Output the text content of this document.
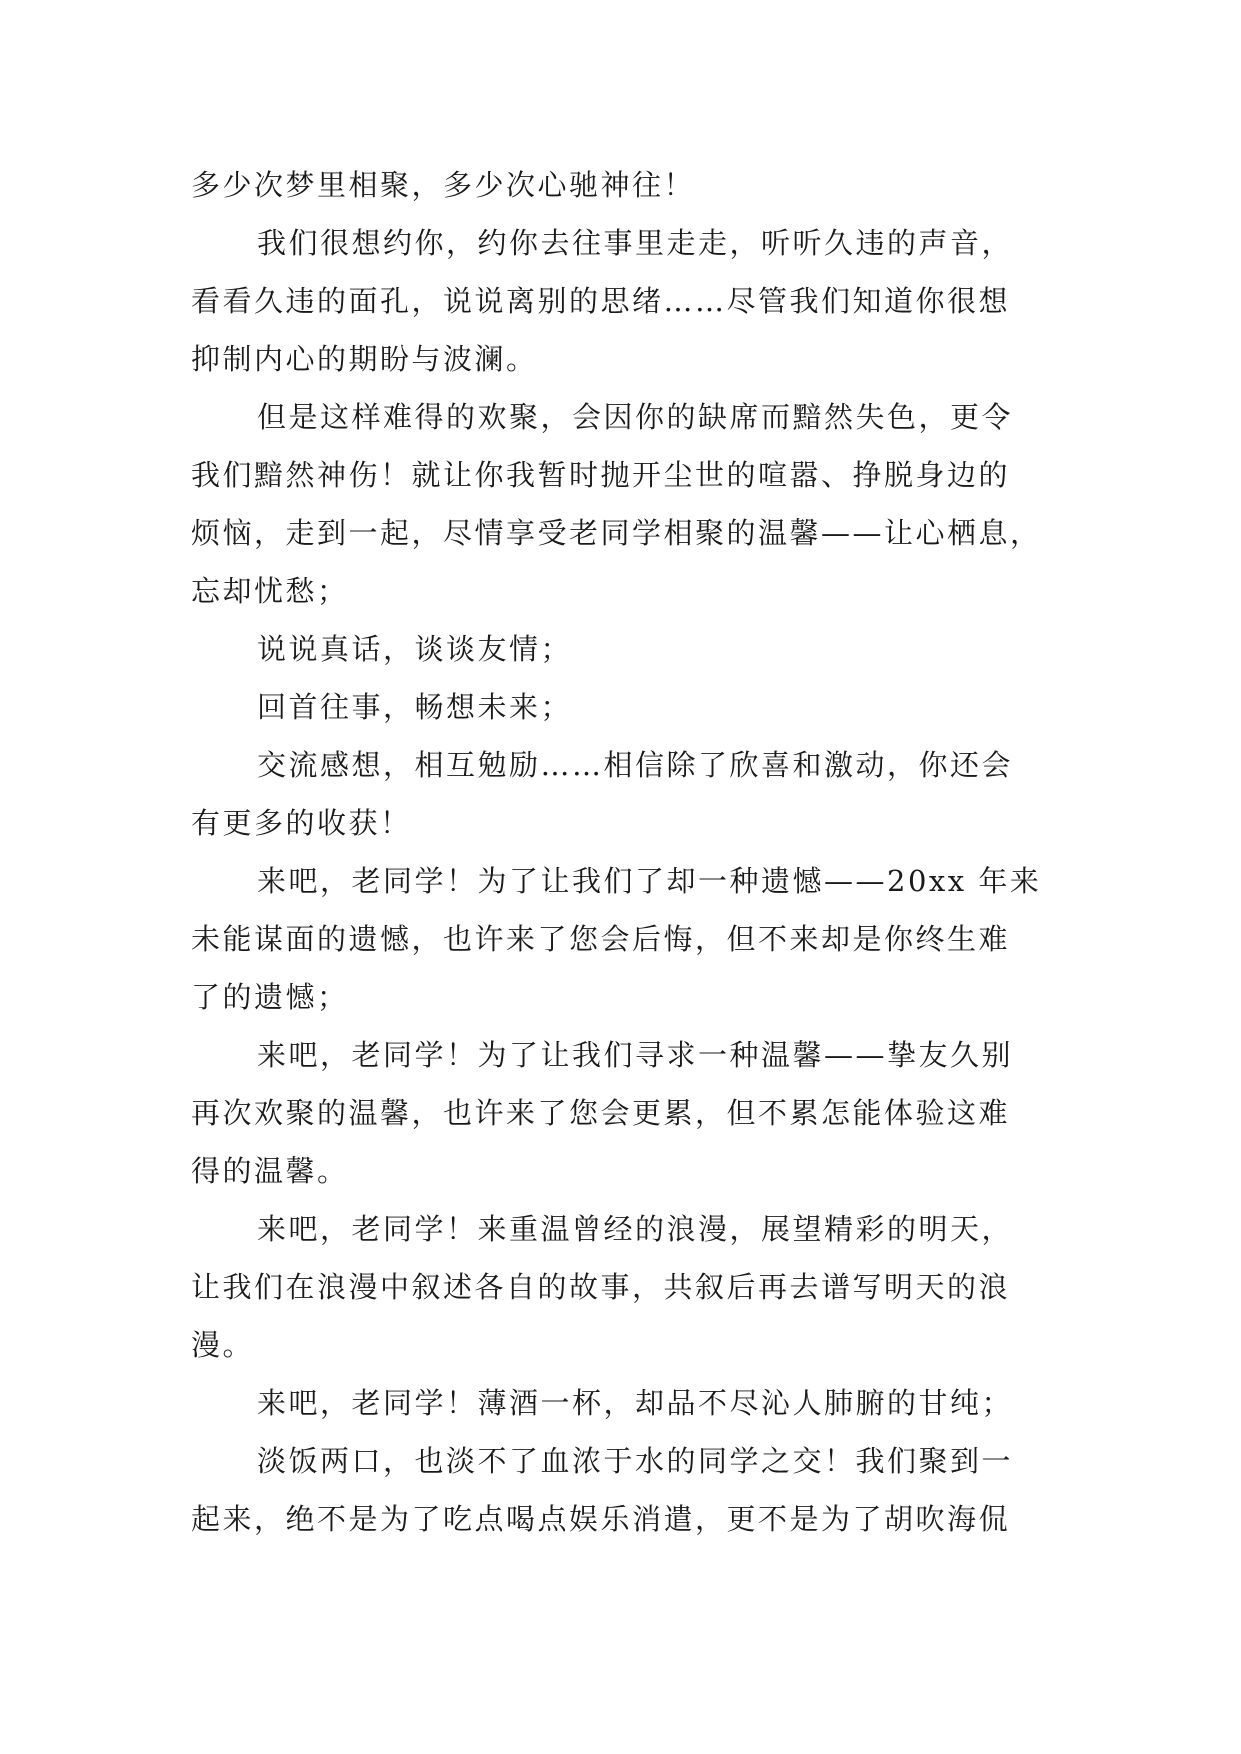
多少次梦里相聚，多少次心驰神往！
我们很想约你，约你去往事里走走，听听久违的声音，
看看久违的面孔，说说离别的思绪……尽管我们知道你很想
抑制内心的期盼与波澜。
但是这样难得的欢聚，会因你的缺席而黯然失色，更令
我们黯然神伤！就让你我暂时抛开尘世的喧嚣、挣脱身边的
烦恼，走到一起，尽情享受老同学相聚的温馨——让心栖息，
忘却忧愁；
说说真话，谈谈友情；
回首往事，畅想未来；
交流感想，相互勉励……相信除了欣喜和激动，你还会
有更多的收获！
来吧，老同学！为了让我们了却一种遗憾——20xx 年来
未能谋面的遗憾，也许来了您会后悔，但不来却是你终生难
了的遗憾；
来吧，老同学！为了让我们寻求一种温馨——挚友久别
再次欢聚的温馨，也许来了您会更累，但不累怎能体验这难
得的温馨。
来吧，老同学！来重温曾经的浪漫，展望精彩的明天，
让我们在浪漫中叙述各自的故事，共叙后再去谱写明天的浪
漫。
来吧，老同学！薄酒一杯，却品不尽沁人肺腑的甘纯；
淡饭两口，也淡不了血浓于水的同学之交！我们聚到一
起来，绝不是为了吃点喝点娱乐消遣，更不是为了胡吹海侃
